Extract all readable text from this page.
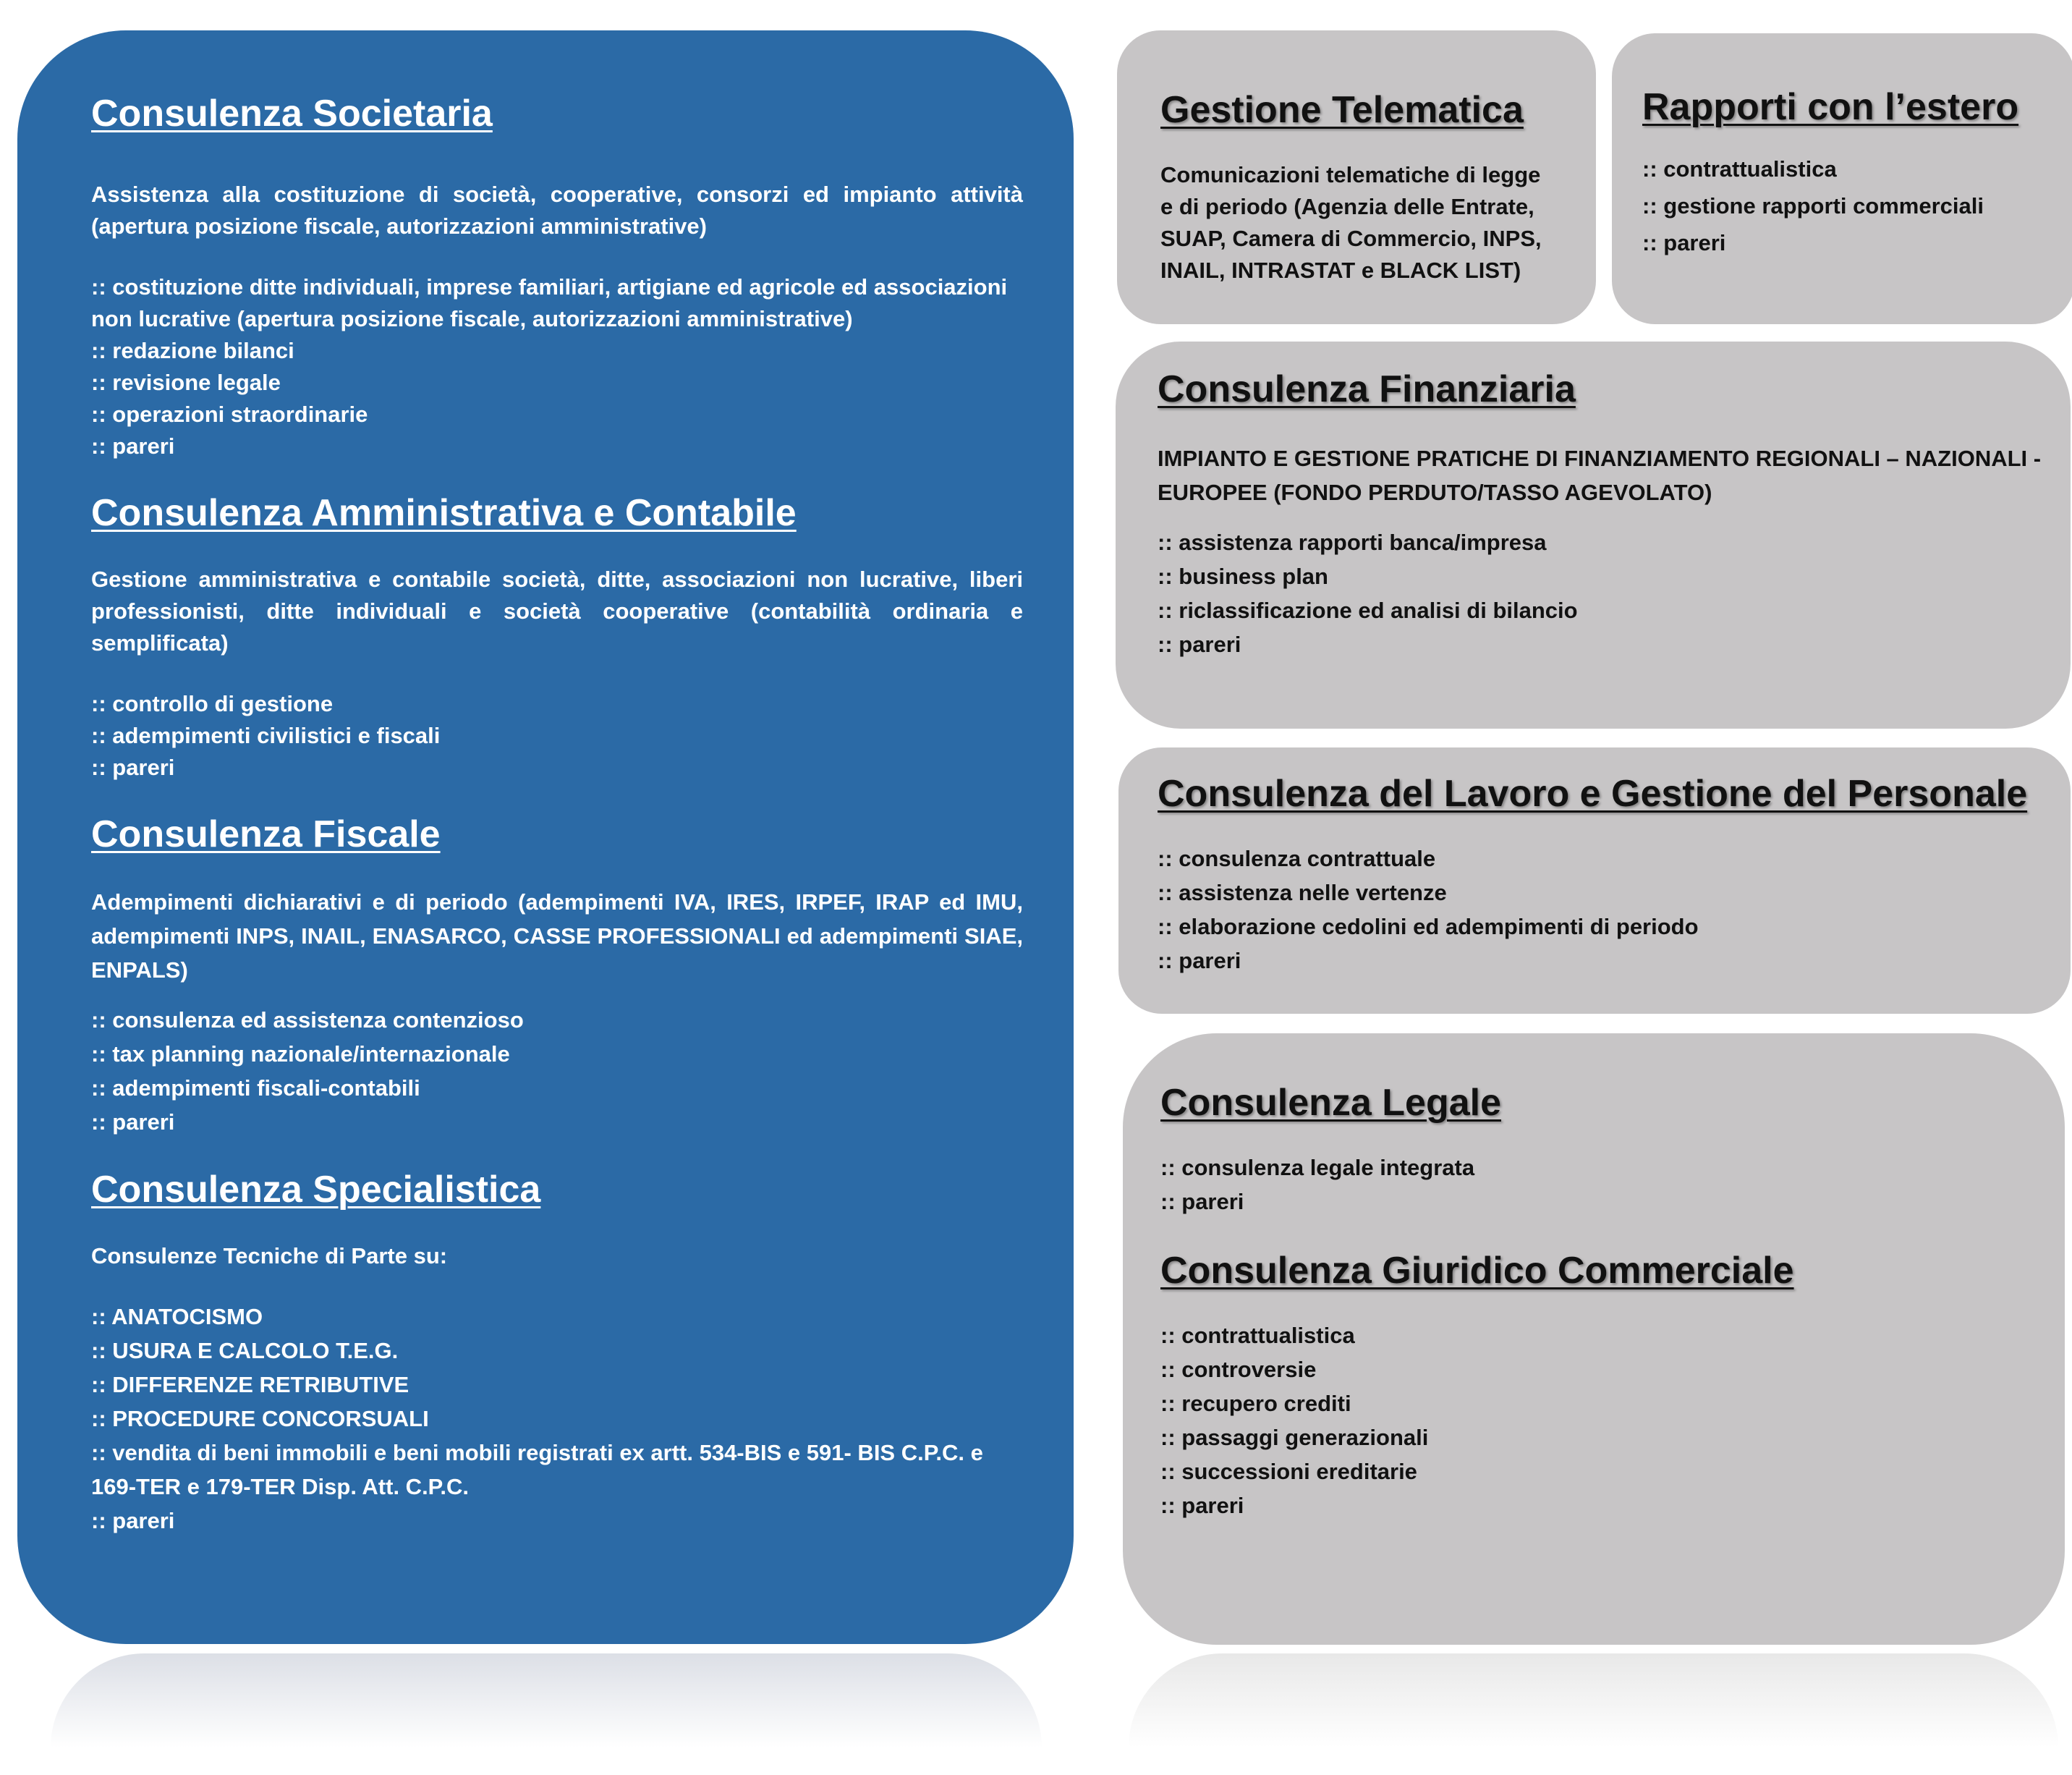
Consulenza Societaria

Assistenza alla costituzione di società, cooperative, consorzi ed impianto attività (apertura posizione fiscale, autorizzazioni amministrative)

:: costituzione ditte individuali, imprese familiari, artigiane ed agricole ed associazioni non lucrative (apertura posizione fiscale, autorizzazioni amministrative)
:: redazione bilanci
:: revisione legale
:: operazioni straordinarie
:: pareri
Consulenza Amministrativa e Contabile

Gestione amministrativa e contabile società, ditte, associazioni non lucrative, liberi professionisti, ditte individuali e società cooperative (contabilità ordinaria e semplificata)

:: controllo di gestione
:: adempimenti civilistici e fiscali
:: pareri
Consulenza Fiscale

Adempimenti dichiarativi e di periodo (adempimenti IVA, IRES, IRPEF, IRAP ed IMU, adempimenti INPS, INAIL, ENASARCO, CASSE PROFESSIONALI ed adempimenti SIAE, ENPALS)

:: consulenza ed assistenza contenzioso
:: tax planning nazionale/internazionale
:: adempimenti fiscali-contabili
:: pareri
Consulenza Specialistica

Consulenze Tecniche di Parte su:

:: ANATOCISMO
:: USURA E CALCOLO T.E.G.
:: DIFFERENZE RETRIBUTIVE
:: PROCEDURE CONCORSUALI
:: vendita di beni immobili e beni mobili registrati ex artt. 534-BIS e 591- BIS C.P.C. e 169-TER e 179-TER Disp. Att. C.P.C.
:: pareri
Gestione Telematica

Comunicazioni telematiche di legge e di periodo (Agenzia delle Entrate, SUAP, Camera di Commercio, INPS, INAIL, INTRASTAT e BLACK LIST)

Rapporti con l’estero
:: contrattualistica
:: gestione rapporti commerciali
:: pareri
Consulenza Finanziaria

IMPIANTO E GESTIONE PRATICHE DI FINANZIAMENTO REGIONALI – NAZIONALI - EUROPEE (FONDO PERDUTO/TASSO AGEVOLATO)

:: assistenza rapporti banca/impresa
:: business plan
:: riclassificazione ed analisi di bilancio
:: pareri
Consulenza del Lavoro e Gestione del Personale
:: consulenza contrattuale
:: assistenza nelle vertenze
:: elaborazione cedolini ed adempimenti di periodo
:: pareri
Consulenza Legale
:: consulenza legale integrata
:: pareri
Consulenza Giuridico Commerciale
:: contrattualistica
:: controversie
:: recupero crediti
:: passaggi generazionali
:: successioni ereditarie
:: pareri
